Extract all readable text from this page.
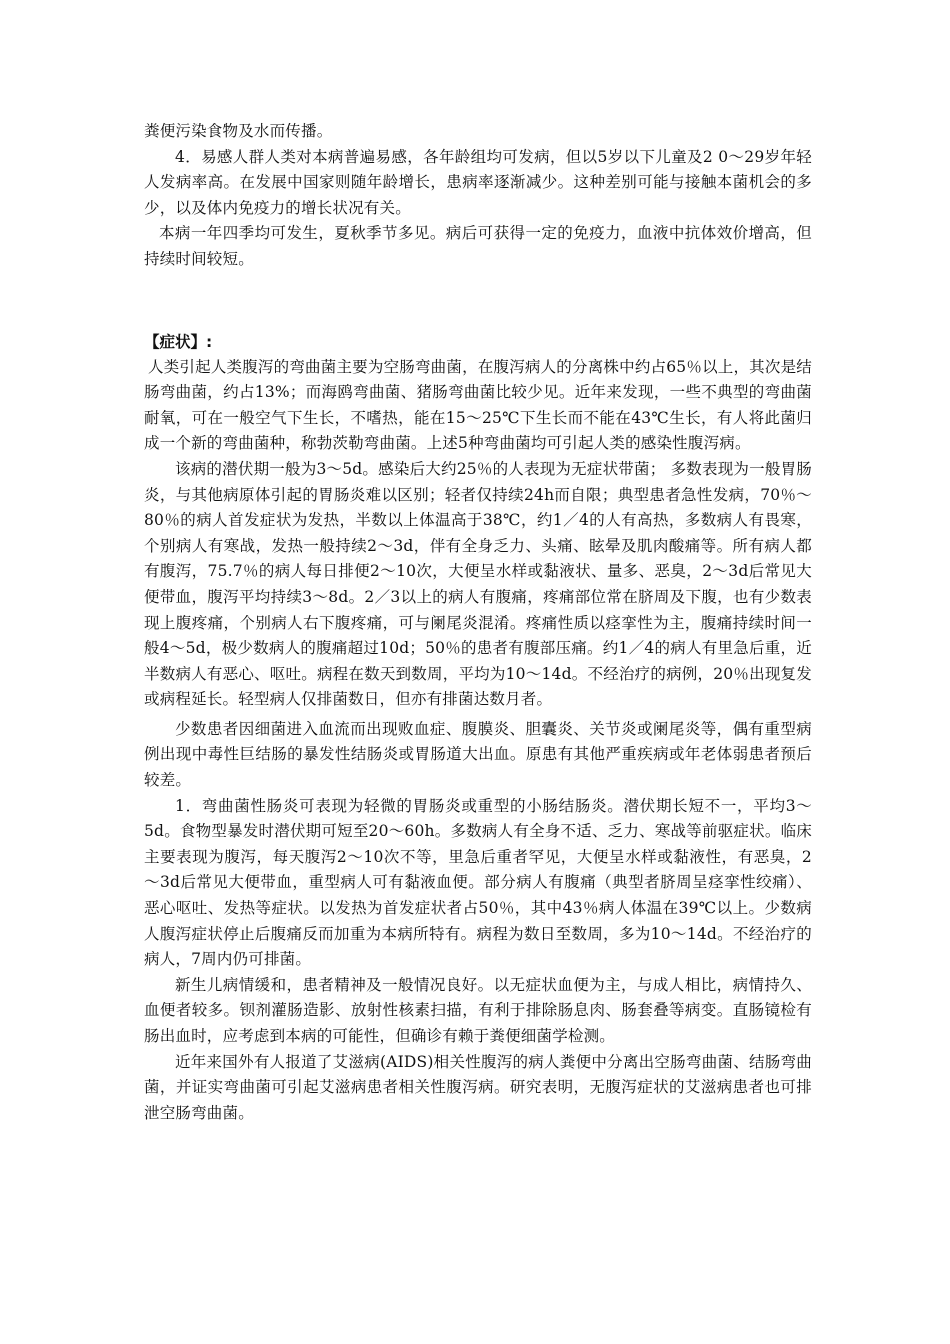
粪便污染食物及水而传播。

4．易感人群人类对本病普遍易感，各年龄组均可发病，但以5岁以下儿童及2 0～29岁年轻人发病率高。在发展中国家则随年龄增长，患病率逐渐减少。这种差别可能与接触本菌机会的多少，以及体内免疫力的增长状况有关。

本病一年四季均可发生，夏秋季节多见。病后可获得一定的免疫力，血液中抗体效价增高，但持续时间较短。

【症状】:

人类引起人类腹泻的弯曲菌主要为空肠弯曲菌，在腹泻病人的分离株中约占65％以上，其次是结肠弯曲菌，约占13%；而海鸥弯曲菌、猪肠弯曲菌比较少见。近年来发现，一些不典型的弯曲菌耐氧，可在一般空气下生长，不嗜热，能在15～25℃下生长而不能在43℃生长，有人将此菌归成一个新的弯曲菌种，称勃茨勒弯曲菌。上述5种弯曲菌均可引起人类的感染性腹泻病。

该病的潜伏期一般为3～5d。感染后大约25％的人表现为无症状带菌； 多数表现为一般胃肠炎，与其他病原体引起的胃肠炎难以区别；轻者仅持续24h而自限；典型患者急性发病，70％～80％的病人首发症状为发热，半数以上体温高于38℃，约1／4的人有高热，多数病人有畏寒，个别病人有寒战，发热一般持续2～3d，伴有全身乏力、头痛、眩晕及肌肉酸痛等。所有病人都有腹泻，75.7％的病人每日排便2～10次，大便呈水样或黏液状、量多、恶臭，2～3d后常见大便带血，腹泻平均持续3～8d。2／3以上的病人有腹痛，疼痛部位常在脐周及下腹，也有少数表现上腹疼痛，个别病人右下腹疼痛，可与阑尾炎混淆。疼痛性质以痉挛性为主，腹痛持续时间一般4～5d，极少数病人的腹痛超过10d；50％的患者有腹部压痛。约1／4的病人有里急后重，近半数病人有恶心、呕吐。病程在数天到数周，平均为10～14d。不经治疗的病例，20％出现复发或病程延长。轻型病人仅排菌数日，但亦有排菌达数月者。

少数患者因细菌进入血流而出现败血症、腹膜炎、胆囊炎、关节炎或阑尾炎等，偶有重型病例出现中毒性巨结肠的暴发性结肠炎或胃肠道大出血。原患有其他严重疾病或年老体弱患者预后较差。

1．弯曲菌性肠炎可表现为轻微的胃肠炎或重型的小肠结肠炎。潜伏期长短不一，平均3～5d。食物型暴发时潜伏期可短至20～60h。多数病人有全身不适、乏力、寒战等前驱症状。临床主要表现为腹泻，每天腹泻2～10次不等，里急后重者罕见，大便呈水样或黏液性，有恶臭，2～3d后常见大便带血，重型病人可有黏液血便。部分病人有腹痛（典型者脐周呈痉挛性绞痛）、恶心呕吐、发热等症状。以发热为首发症状者占50％，其中43％病人体温在39℃以上。少数病人腹泻症状停止后腹痛反而加重为本病所特有。病程为数日至数周，多为10～14d。不经治疗的病人，7周内仍可排菌。

新生儿病情缓和，患者精神及一般情况良好。以无症状血便为主，与成人相比，病情持久、血便者较多。钡剂灌肠造影、放射性核素扫描，有利于排除肠息肉、肠套叠等病变。直肠镜检有肠出血时，应考虑到本病的可能性，但确诊有赖于粪便细菌学检测。

近年来国外有人报道了艾滋病(AIDS)相关性腹泻的病人粪便中分离出空肠弯曲菌、结肠弯曲菌，并证实弯曲菌可引起艾滋病患者相关性腹泻病。研究表明，无腹泻症状的艾滋病患者也可排泄空肠弯曲菌。
